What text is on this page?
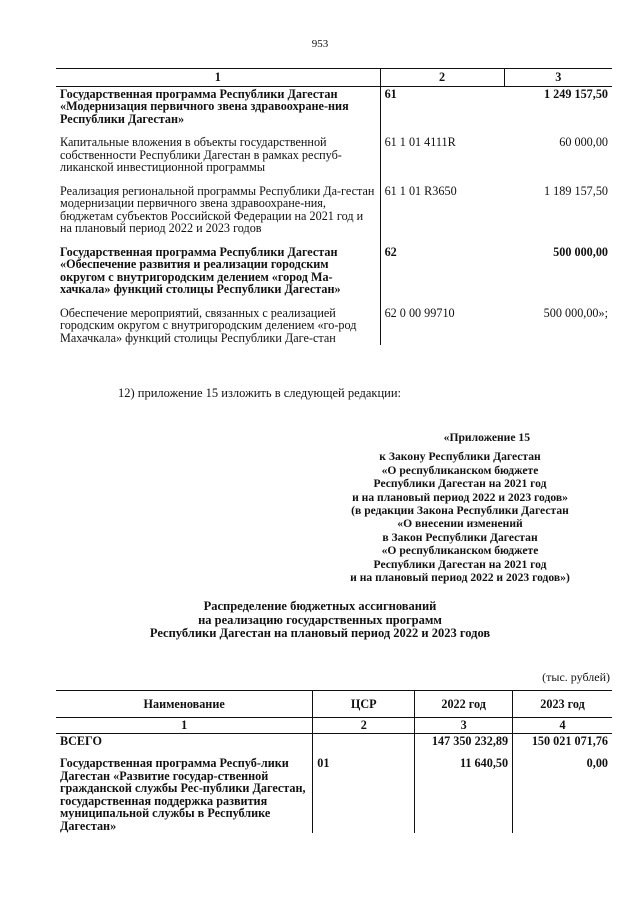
953
1	2	3
Государственная программа Республики Дагестан «Модернизация первичного звена здравоохране-ния Республики Дагестан»	61	1 249 157,50

Капитальные вложения в объекты государственной собственности Республики Дагестан в рамках респуб-ликанской инвестиционной программы	61 1 01 4111R	60 000,00

Реализация региональной программы Республики Да-гестан модернизации первичного звена здравоохране-ния, бюджетам субъектов Российской Федерации на 2021 год и на плановый период 2022 и 2023 годов	61 1 01 R3650	1 189 157,50

Государственная программа Республики Дагестан «Обеспечение развития и реализации городским округом с внутригородским делением «город Ма-хачкала» функций столицы Республики Дагестан»	62	500 000,00

Обеспечение мероприятий, связанных с реализацией городским округом с внутригородским делением «го-род Махачкала» функций столицы Республики Даге-стан	62 0 00 99710	500 000,00»;
12) приложение 15 изложить в следующей редакции:
«Приложение 15
к Закону Республики Дагестан
«О республиканском бюджете
Республики Дагестан на 2021 год
и на плановый период 2022 и 2023 годов»
(в редакции Закона Республики Дагестан
«О внесении изменений
в Закон Республики Дагестан
«О республиканском бюджете
Республики Дагестан на 2021 год
и на плановый период 2022 и 2023 годов»)
Распределение бюджетных ассигнований
на реализацию государственных программ
Республики Дагестан на плановый период 2022 и 2023 годов
(тыс. рублей)
Наименование	ЦСР	2022 год	2023 год
1	2	3	4
ВСЕГО		147 350 232,89	150 021 071,76

Государственная программа Респуб-лики Дагестан «Развитие государ-ственной гражданской службы Рес-публики Дагестан, государственная поддержка развития муниципальной службы в Республике Дагестан»	01	11 640,50	0,00
